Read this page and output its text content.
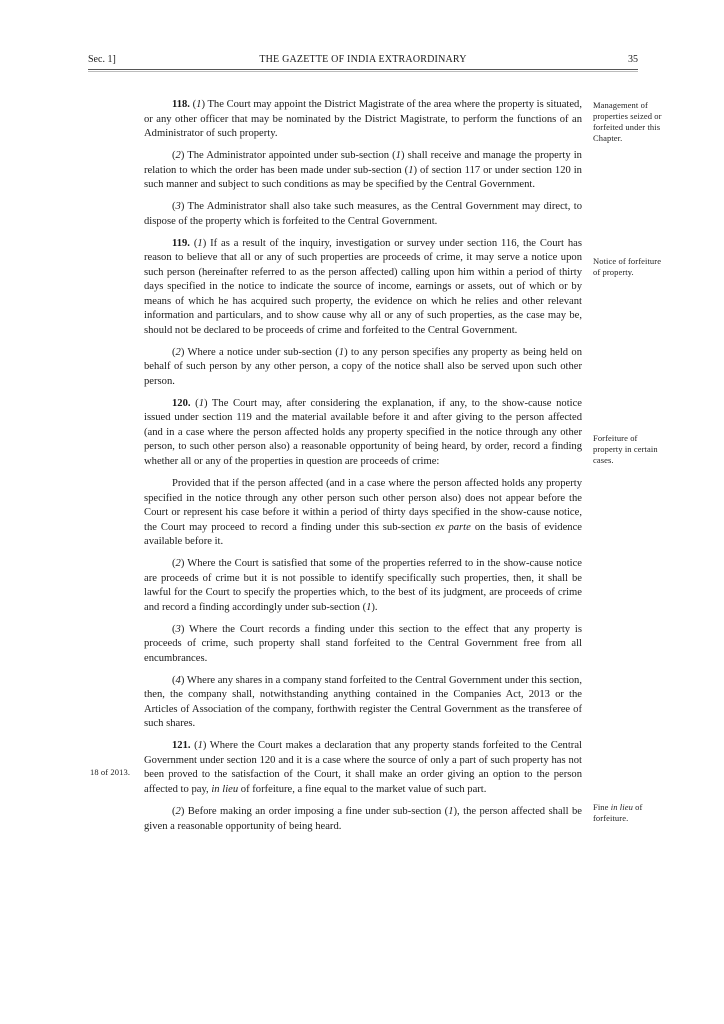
Sec. 1]	THE GAZETTE OF INDIA EXTRAORDINARY	35

118. (1) The Court may appoint the District Magistrate of the area where the property is situated, or any other officer that may be nominated by the District Magistrate, to perform the functions of an Administrator of such property.

(2) The Administrator appointed under sub-section (1) shall receive and manage the property in relation to which the order has been made under sub-section (1) of section 117 or under section 120 in such manner and subject to such conditions as may be specified by the Central Government.

(3) The Administrator shall also take such measures, as the Central Government may direct, to dispose of the property which is forfeited to the Central Government.

119. (1) If as a result of the inquiry, investigation or survey under section 116, the Court has reason to believe that all or any of such properties are proceeds of crime, it may serve a notice upon such person (hereinafter referred to as the person affected) calling upon him within a period of thirty days specified in the notice to indicate the source of income, earnings or assets, out of which or by means of which he has acquired such property, the evidence on which he relies and other relevant information and particulars, and to show cause why all or any of such properties, as the case may be, should not be declared to be proceeds of crime and forfeited to the Central Government.

(2) Where a notice under sub-section (1) to any person specifies any property as being held on behalf of such person by any other person, a copy of the notice shall also be served upon such other person.

120. (1) The Court may, after considering the explanation, if any, to the show-cause notice issued under section 119 and the material available before it and after giving to the person affected (and in a case where the person affected holds any property specified in the notice through any other person, to such other person also) a reasonable opportunity of being heard, by order, record a finding whether all or any of the properties in question are proceeds of crime:

Provided that if the person affected (and in a case where the person affected holds any property specified in the notice through any other person such other person also) does not appear before the Court or represent his case before it within a period of thirty days specified in the show-cause notice, the Court may proceed to record a finding under this sub-section ex parte on the basis of evidence available before it.

(2) Where the Court is satisfied that some of the properties referred to in the show-cause notice are proceeds of crime but it is not possible to identify specifically such properties, then, it shall be lawful for the Court to specify the properties which, to the best of its judgment, are proceeds of crime and record a finding accordingly under sub-section (1).

(3) Where the Court records a finding under this section to the effect that any property is proceeds of crime, such property shall stand forfeited to the Central Government free from all encumbrances.

(4) Where any shares in a company stand forfeited to the Central Government under this section, then, the company shall, notwithstanding anything contained in the Companies Act, 2013 or the Articles of Association of the company, forthwith register the Central Government as the transferee of such shares.

121. (1) Where the Court makes a declaration that any property stands forfeited to the Central Government under section 120 and it is a case where the source of only a part of such property has not been proved to the satisfaction of the Court, it shall make an order giving an option to the person affected to pay, in lieu of forfeiture, a fine equal to the market value of such part.

(2) Before making an order imposing a fine under sub-section (1), the person affected shall be given a reasonable opportunity of being heard.

Management of properties seized or forfeited under this Chapter.
Notice of forfeiture of property.
Forfeiture of property in certain cases.
Fine in lieu of forfeiture.
18 of 2013.
